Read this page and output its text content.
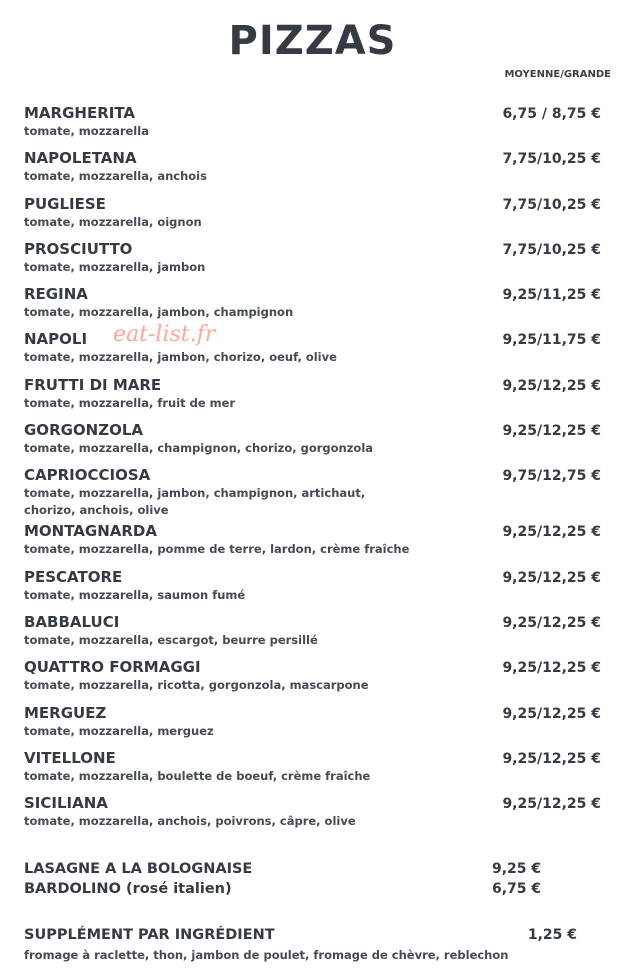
PIZZAS
MOYENNE/GRANDE
MARGHERITA
tomate, mozzarella
6,75 / 8,75 €
NAPOLETANA
tomate, mozzarella, anchois
7,75/10,25 €
PUGLIESE
tomate, mozzarella, oignon
7,75/10,25 €
PROSCIUTTO
tomate, mozzarella, jambon
7,75/10,25 €
REGINA
tomate, mozzarella, jambon, champignon
9,25/11,25 €
NAPOLI
tomate, mozzarella, jambon, chorizo, oeuf, olive
9,25/11,75 €
FRUTTI DI MARE
tomate, mozzarella, fruit de mer
9,25/12,25 €
GORGONZOLA
tomate, mozzarella, champignon, chorizo, gorgonzola
9,25/12,25 €
CAPRIOCCIOSA
tomate, mozzarella, jambon, champignon, artichaut, chorizo, anchois, olive
9,75/12,75 €
MONTAGNARDA
tomate, mozzarella, pomme de terre, lardon, crème fraîche
9,25/12,25 €
PESCATORE
tomate, mozzarella, saumon fumé
9,25/12,25 €
BABBALUCI
tomate, mozzarella, escargot, beurre persillé
9,25/12,25 €
QUATTRO FORMAGGI
tomate, mozzarella, ricotta, gorgonzola, mascarpone
9,25/12,25 €
MERGUEZ
tomate, mozzarella, merguez
9,25/12,25 €
VITELLONE
tomate, mozzarella, boulette de boeuf, crème fraîche
9,25/12,25 €
SICILIANA
tomate, mozzarella, anchois, poivrons, câpre, olive
9,25/12,25 €
LASAGNE A LA BOLOGNAISE	9,25 €
BARDOLINO (rosé italien)	6,75 €
SUPPLÉMENT PAR INGRÉDIENT	1,25 €
fromage à raclette, thon, jambon de poulet, fromage de chèvre, reblechon
eat-list.fr
